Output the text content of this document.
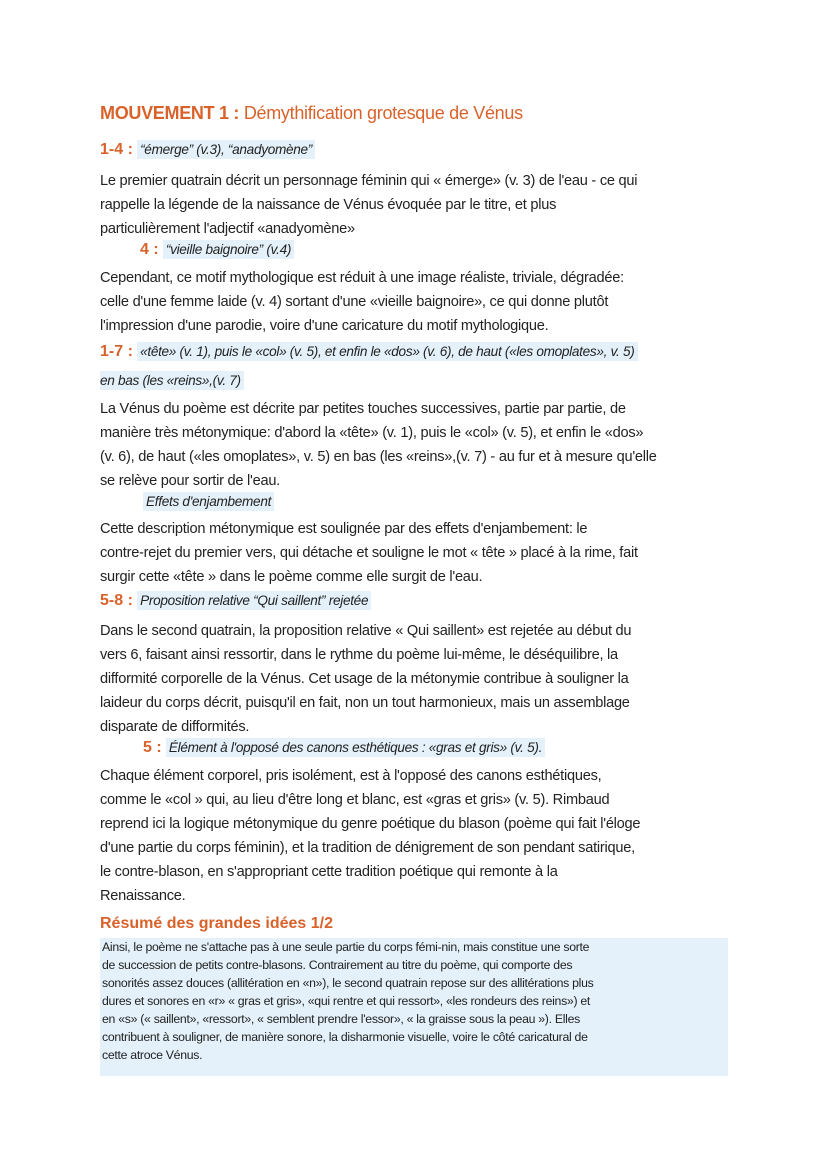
MOUVEMENT 1 : Démythification grotesque de Vénus
1-4 : “émerge” (v.3), “anadyomène”
Le premier quatrain décrit un personnage féminin qui « émerge» (v. 3) de l'eau - ce qui
rappelle la légende de la naissance de Vénus évoquée par le titre, et plus
particulièrement l'adjectif «anadyomène»
4 : “vieille baignoire” (v.4)
Cependant, ce motif mythologique est réduit à une image réaliste, triviale, dégradée:
celle d'une femme laide (v. 4) sortant d'une «vieille baignoire», ce qui donne plutôt
l'impression d'une parodie, voire d'une caricature du motif mythologique.
1-7 : «tête» (v. 1), puis le «col» (v. 5), et enfin le «dos» (v. 6), de haut («les omoplates», v. 5)
en bas (les «reins»,(v. 7)
La Vénus du poème est décrite par petites touches successives, partie par partie, de
manière très métonymique: d'abord la «tête» (v. 1), puis le «col» (v. 5), et enfin le «dos»
(v. 6), de haut («les omoplates», v. 5) en bas (les «reins»,(v. 7) - au fur et à mesure qu'elle
se relève pour sortir de l'eau.
Effets d'enjambement
Cette description métonymique est soulignée par des effets d'enjambement: le
contre-rejet du premier vers, qui détache et souligne le mot « tête » placé à la rime, fait
surgir cette «tête » dans le poème comme elle surgit de l'eau.
5-8 : Proposition relative “Qui saillent” rejetée
Dans le second quatrain, la proposition relative « Qui saillent» est rejetée au début du
vers 6, faisant ainsi ressortir, dans le rythme du poème lui-même, le déséquilibre, la
difformité corporelle de la Vénus. Cet usage de la métonymie contribue à souligner la
laideur du corps décrit, puisqu'il en fait, non un tout harmonieux, mais un assemblage
disparate de difformités.
5 : Élément à l'opposé des canons esthétiques : «gras et gris» (v. 5).
Chaque élément corporel, pris isolément, est à l'opposé des canons esthétiques,
comme le «col » qui, au lieu d'être long et blanc, est «gras et gris» (v. 5). Rimbaud
reprend ici la logique métonymique du genre poétique du blason (poème qui fait l'éloge
d'une partie du corps féminin), et la tradition de dénigrement de son pendant satirique,
le contre-blason, en s'appropriant cette tradition poétique qui remonte à la
Renaissance.
Résumé des grandes idées 1/2
Ainsi, le poème ne s'attache pas à une seule partie du corps fémi-nin, mais constitue une sorte
de succession de petits contre-blasons. Contrairement au titre du poème, qui comporte des
sonorités assez douces (allitération en «n»), le second quatrain repose sur des allitérations plus
dures et sonores en «r» « gras et gris», «qui rentre et qui ressort», «les rondeurs des reins») et
en «s» (« saillent», «ressort», « semblent prendre l'essor», « la graisse sous la peau »). Elles
contribuent à souligner, de manière sonore, la disharmonie visuelle, voire le côté caricatural de
cette atroce Vénus.
